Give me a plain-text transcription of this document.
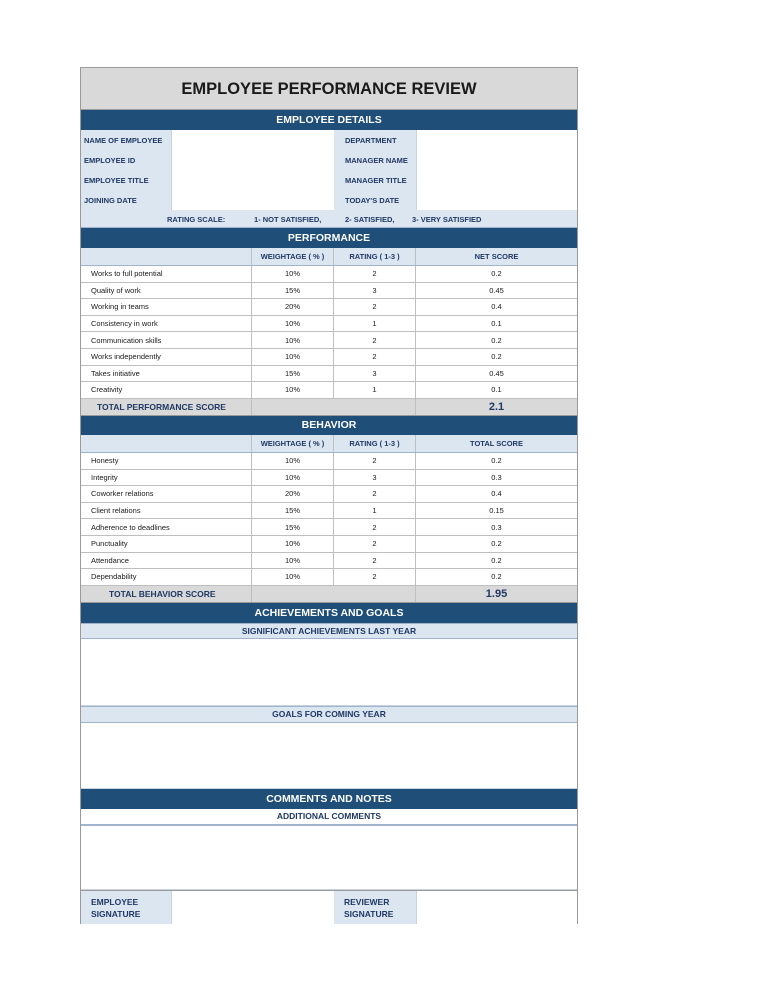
EMPLOYEE PERFORMANCE REVIEW
EMPLOYEE DETAILS
NAME OF EMPLOYEE	DEPARTMENT
EMPLOYEE ID	MANAGER NAME
EMPLOYEE TITLE	MANAGER TITLE
JOINING DATE	TODAY'S DATE
RATING SCALE:	1- NOT SATISFIED,	2- SATISFIED, 3- VERY SATISFIED
PERFORMANCE
WEIGHTAGE ( % )	RATING ( 1-3 )	NET SCORE
Works to full potential	10%	2	0.2
Quality of work	15%	3	0.45
Working in teams	20%	2	0.4
Consistency in work	10%	1	0.1
Communication skills	10%	2	0.2
Works independently	10%	2	0.2
Takes initiative	15%	3	0.45
Creativity	10%	1	0.1
TOTAL PERFORMANCE SCORE	2.1
BEHAVIOR
WEIGHTAGE ( % )	RATING ( 1-3 )	TOTAL SCORE
Honesty	10%	2	0.2
Integrity	10%	3	0.3
Coworker relations	20%	2	0.4
Client relations	15%	1	0.15
Adherence to deadlines	15%	2	0.3
Punctuality	10%	2	0.2
Attendance	10%	2	0.2
Dependability	10%	2	0.2
TOTAL BEHAVIOR SCORE	1.95
ACHIEVEMENTS AND GOALS
SIGNIFICANT ACHIEVEMENTS LAST YEAR
GOALS FOR COMING YEAR
COMMENTS AND NOTES
ADDITIONAL COMMENTS
EMPLOYEE
SIGNATURE
REVIEWER
SIGNATURE
